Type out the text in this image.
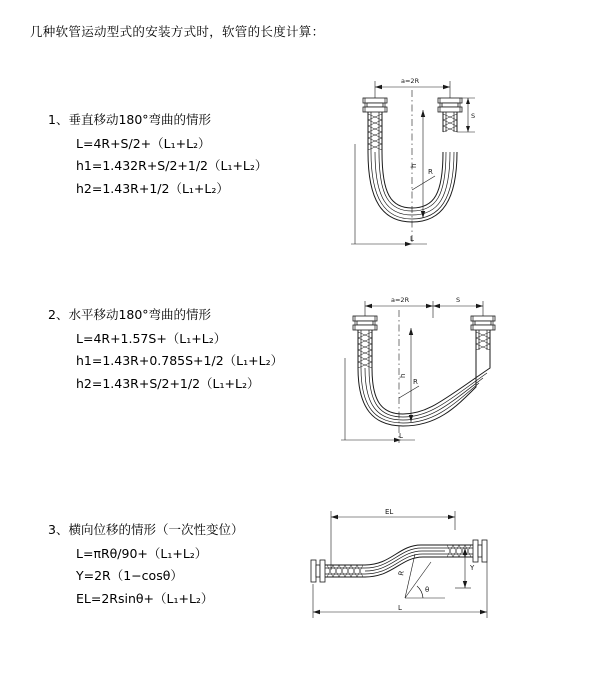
几种软管运动型式的安装方式时，软管的长度计算：
1、垂直移动180°弯曲的情形
L=4R+S/2+（L₁+L₂）
h1=1.432R+S/2+1/2（L₁+L₂）
h2=1.43R+1/2（L₁+L₂）
a=2R
R
h
S
L
2、水平移动180°弯曲的情形
L=4R+1.57S+（L₁+L₂）
h1=1.43R+0.785S+1/2（L₁+L₂）
h2=1.43R+S/2+1/2（L₁+L₂）
a=2R	S
R
h
L
3、横向位移的情形（一次性变位）
L=πRθ/90+（L₁+L₂）
Y=2R（1−cosθ）
EL=2Rsinθ+（L₁+L₂）
EL
θ
R
Y
L
